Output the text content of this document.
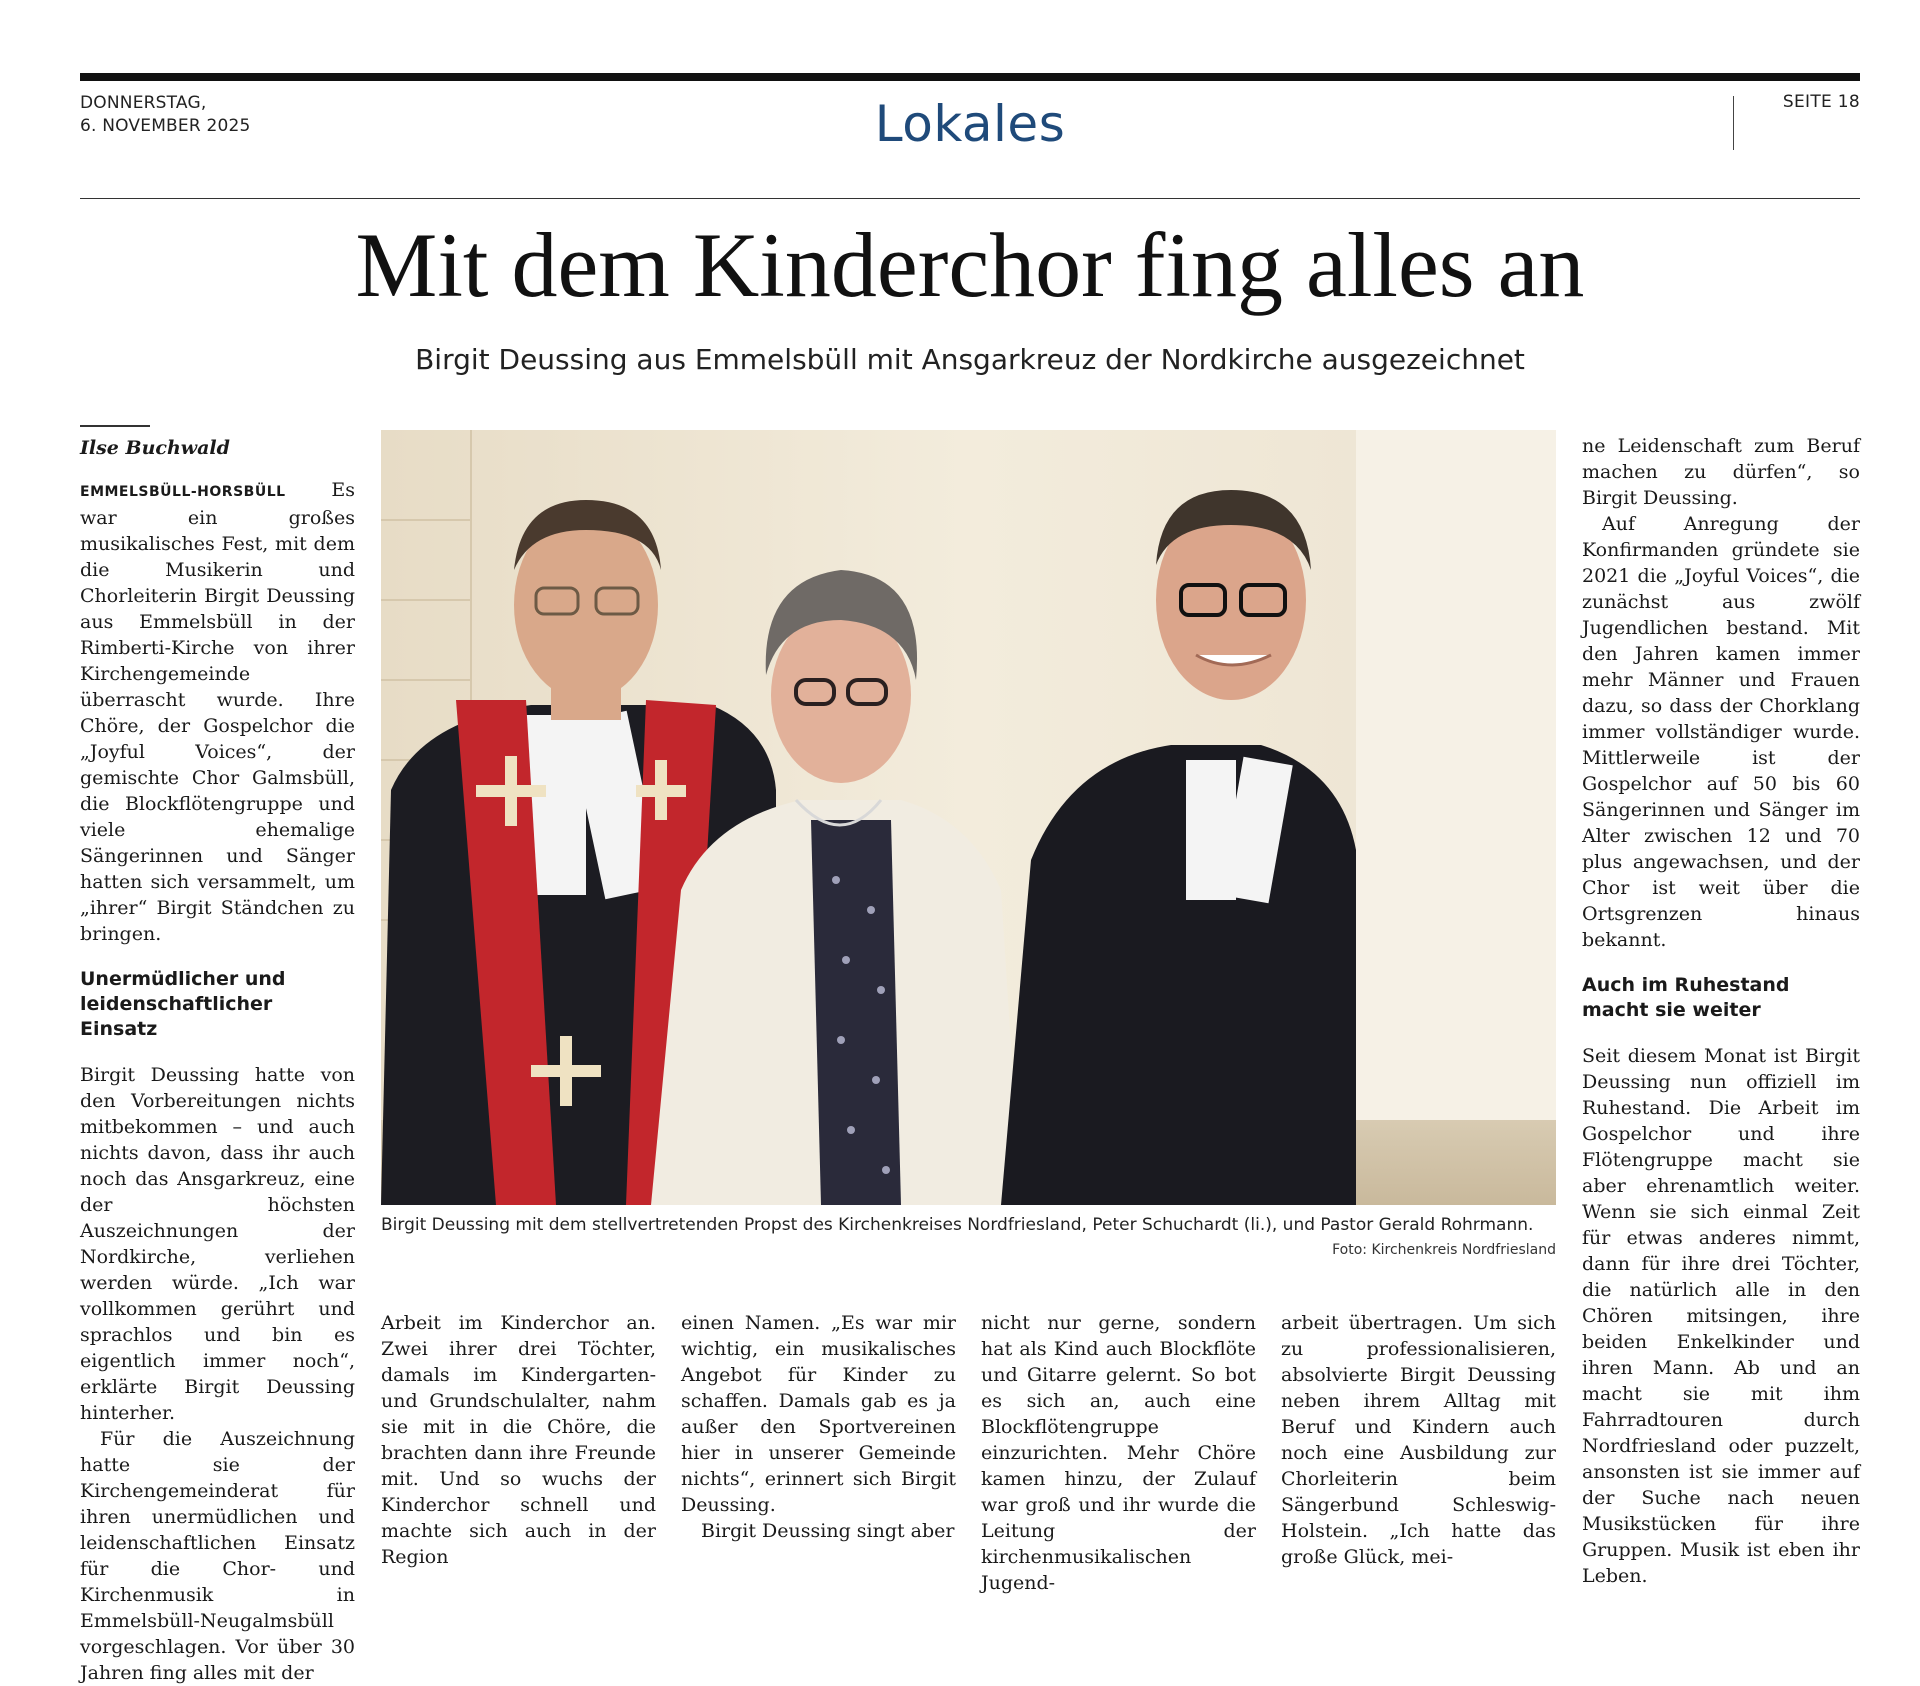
DONNERSTAG,
6. NOVEMBER 2025	Lokales	SEITE 18
Mit dem Kinderchor fing alles an
Birgit Deussing aus Emmelsbüll mit Ansgarkreuz der Nordkirche ausgezeichnet
Ilse Buchwald

EMMELSBÜLL-HORSBÜLL Es war ein großes musikalisches Fest, mit dem die Musikerin und Chorleiterin Birgit Deussing aus Emmelsbüll in der Rimberti-Kirche von ihrer Kirchengemeinde überrascht wurde. Ihre Chöre, der Gospelchor die „Joyful Voices“, der gemischte Chor Galmsbüll, die Blockflötengruppe und viele ehemalige Sängerinnen und Sänger hatten sich versammelt, um „ihrer“ Birgit Ständchen zu bringen.

Unermüdlicher und leidenschaftlicher Einsatz

Birgit Deussing hatte von den Vorbereitungen nichts mitbekommen – und auch nichts davon, dass ihr auch noch das Ansgarkreuz, eine der höchsten Auszeichnungen der Nordkirche, verliehen werden würde. „Ich war vollkommen gerührt und sprachlos und bin es eigentlich immer noch“, erklärte Birgit Deussing hinterher.

Für die Auszeichnung hatte sie der Kirchengemeinderat für ihren unermüdlichen und leidenschaftlichen Einsatz für die Chor- und Kirchenmusik in Emmelsbüll-Neugalmsbüll vorgeschlagen. Vor über 30 Jahren fing alles mit der

Birgit Deussing mit dem stellvertretenden Propst des Kirchenkreises Nordfriesland, Peter Schuchardt (li.), und Pastor Gerald Rohrmann.
Foto: Kirchenkreis Nordfriesland

Arbeit im Kinderchor an. Zwei ihrer drei Töchter, damals im Kindergarten- und Grundschulalter, nahm sie mit in die Chöre, die brachten dann ihre Freunde mit. Und so wuchs der Kinderchor schnell und machte sich auch in der Region

einen Namen. „Es war mir wichtig, ein musikalisches Angebot für Kinder zu schaffen. Damals gab es ja außer den Sportvereinen hier in unserer Gemeinde nichts“, erinnert sich Birgit Deussing.

Birgit Deussing singt aber

nicht nur gerne, sondern hat als Kind auch Blockflöte und Gitarre gelernt. So bot es sich an, auch eine Blockflötengruppe einzurichten. Mehr Chöre kamen hinzu, der Zulauf war groß und ihr wurde die Leitung der kirchenmusikalischen Jugend-

arbeit übertragen. Um sich zu professionalisieren, absolvierte Birgit Deussing neben ihrem Alltag mit Beruf und Kindern auch noch eine Ausbildung zur Chorleiterin beim Sängerbund Schleswig-Holstein. „Ich hatte das große Glück, mei-

ne Leidenschaft zum Beruf machen zu dürfen“, so Birgit Deussing.

Auf Anregung der Konfirmanden gründete sie 2021 die „Joyful Voices“, die zunächst aus zwölf Jugendlichen bestand. Mit den Jahren kamen immer mehr Männer und Frauen dazu, so dass der Chorklang immer vollständiger wurde. Mittlerweile ist der Gospelchor auf 50 bis 60 Sängerinnen und Sänger im Alter zwischen 12 und 70 plus angewachsen, und der Chor ist weit über die Ortsgrenzen hinaus bekannt.

Auch im Ruhestand macht sie weiter

Seit diesem Monat ist Birgit Deussing nun offiziell im Ruhestand. Die Arbeit im Gospelchor und ihre Flötengruppe macht sie aber ehrenamtlich weiter. Wenn sie sich einmal Zeit für etwas anderes nimmt, dann für ihre drei Töchter, die natürlich alle in den Chören mitsingen, ihre beiden Enkelkinder und ihren Mann. Ab und an macht sie mit ihm Fahrradtouren durch Nordfriesland oder puzzelt, ansonsten ist sie immer auf der Suche nach neuen Musikstücken für ihre Gruppen. Musik ist eben ihr Leben.
